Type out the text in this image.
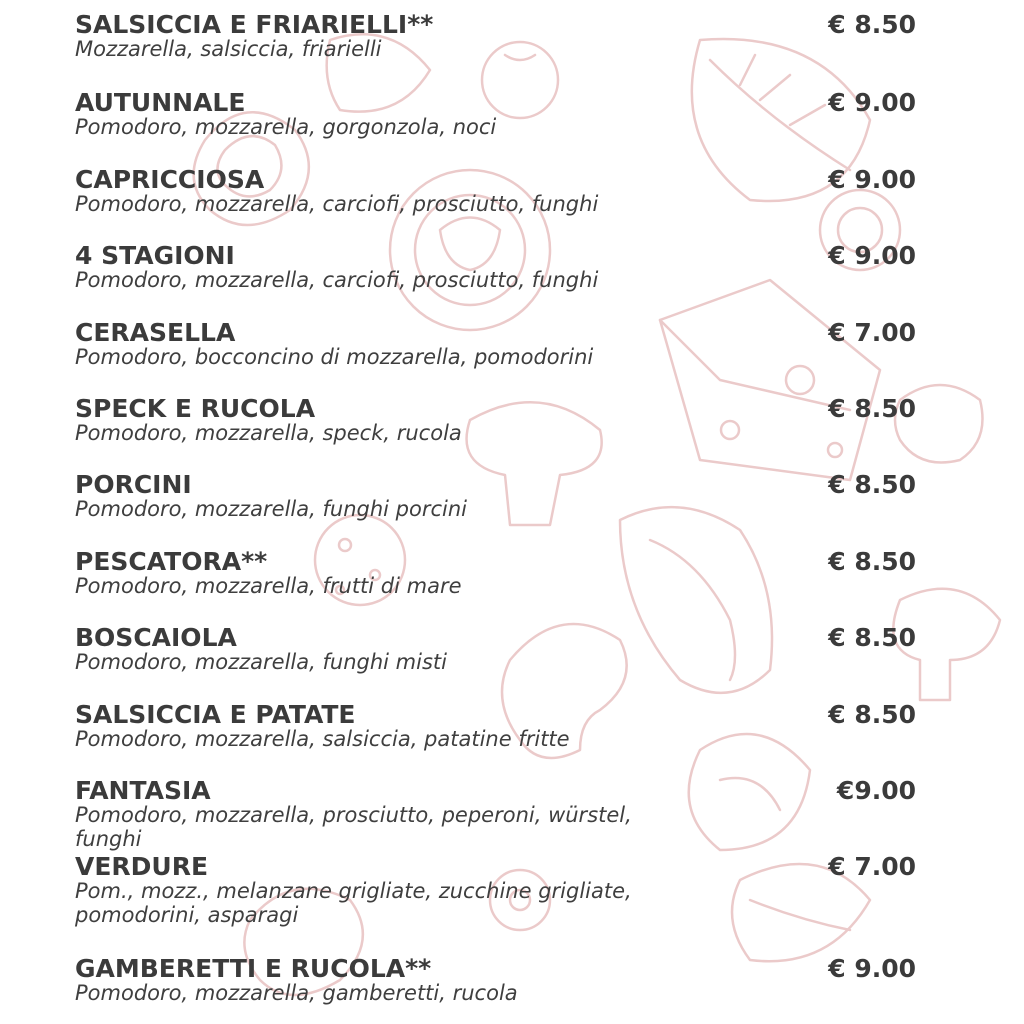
SALSICCIA E FRIARIELLI**	€ 8.50
Mozzarella, salsiccia, friarielli
AUTUNNALE	€ 9.00
Pomodoro, mozzarella, gorgonzola, noci
CAPRICCIOSA	€ 9.00
Pomodoro, mozzarella, carciofi, prosciutto, funghi
4 STAGIONI	€ 9.00
Pomodoro, mozzarella, carciofi, prosciutto, funghi
CERASELLA	€ 7.00
Pomodoro, bocconcino di mozzarella, pomodorini
SPECK E RUCOLA	€ 8.50
Pomodoro, mozzarella, speck, rucola
PORCINI	€ 8.50
Pomodoro, mozzarella, funghi porcini
PESCATORA**	€ 8.50
Pomodoro, mozzarella, frutti di mare
BOSCAIOLA	€ 8.50
Pomodoro, mozzarella, funghi misti
SALSICCIA E PATATE	€ 8.50
Pomodoro, mozzarella, salsiccia, patatine fritte
FANTASIA	€9.00
Pomodoro, mozzarella, prosciutto, peperoni, würstel, funghi
VERDURE	€ 7.00
Pom., mozz., melanzane grigliate, zucchine grigliate, pomodorini, asparagi
GAMBERETTI E RUCOLA**	€ 9.00
Pomodoro, mozzarella, gamberetti, rucola
